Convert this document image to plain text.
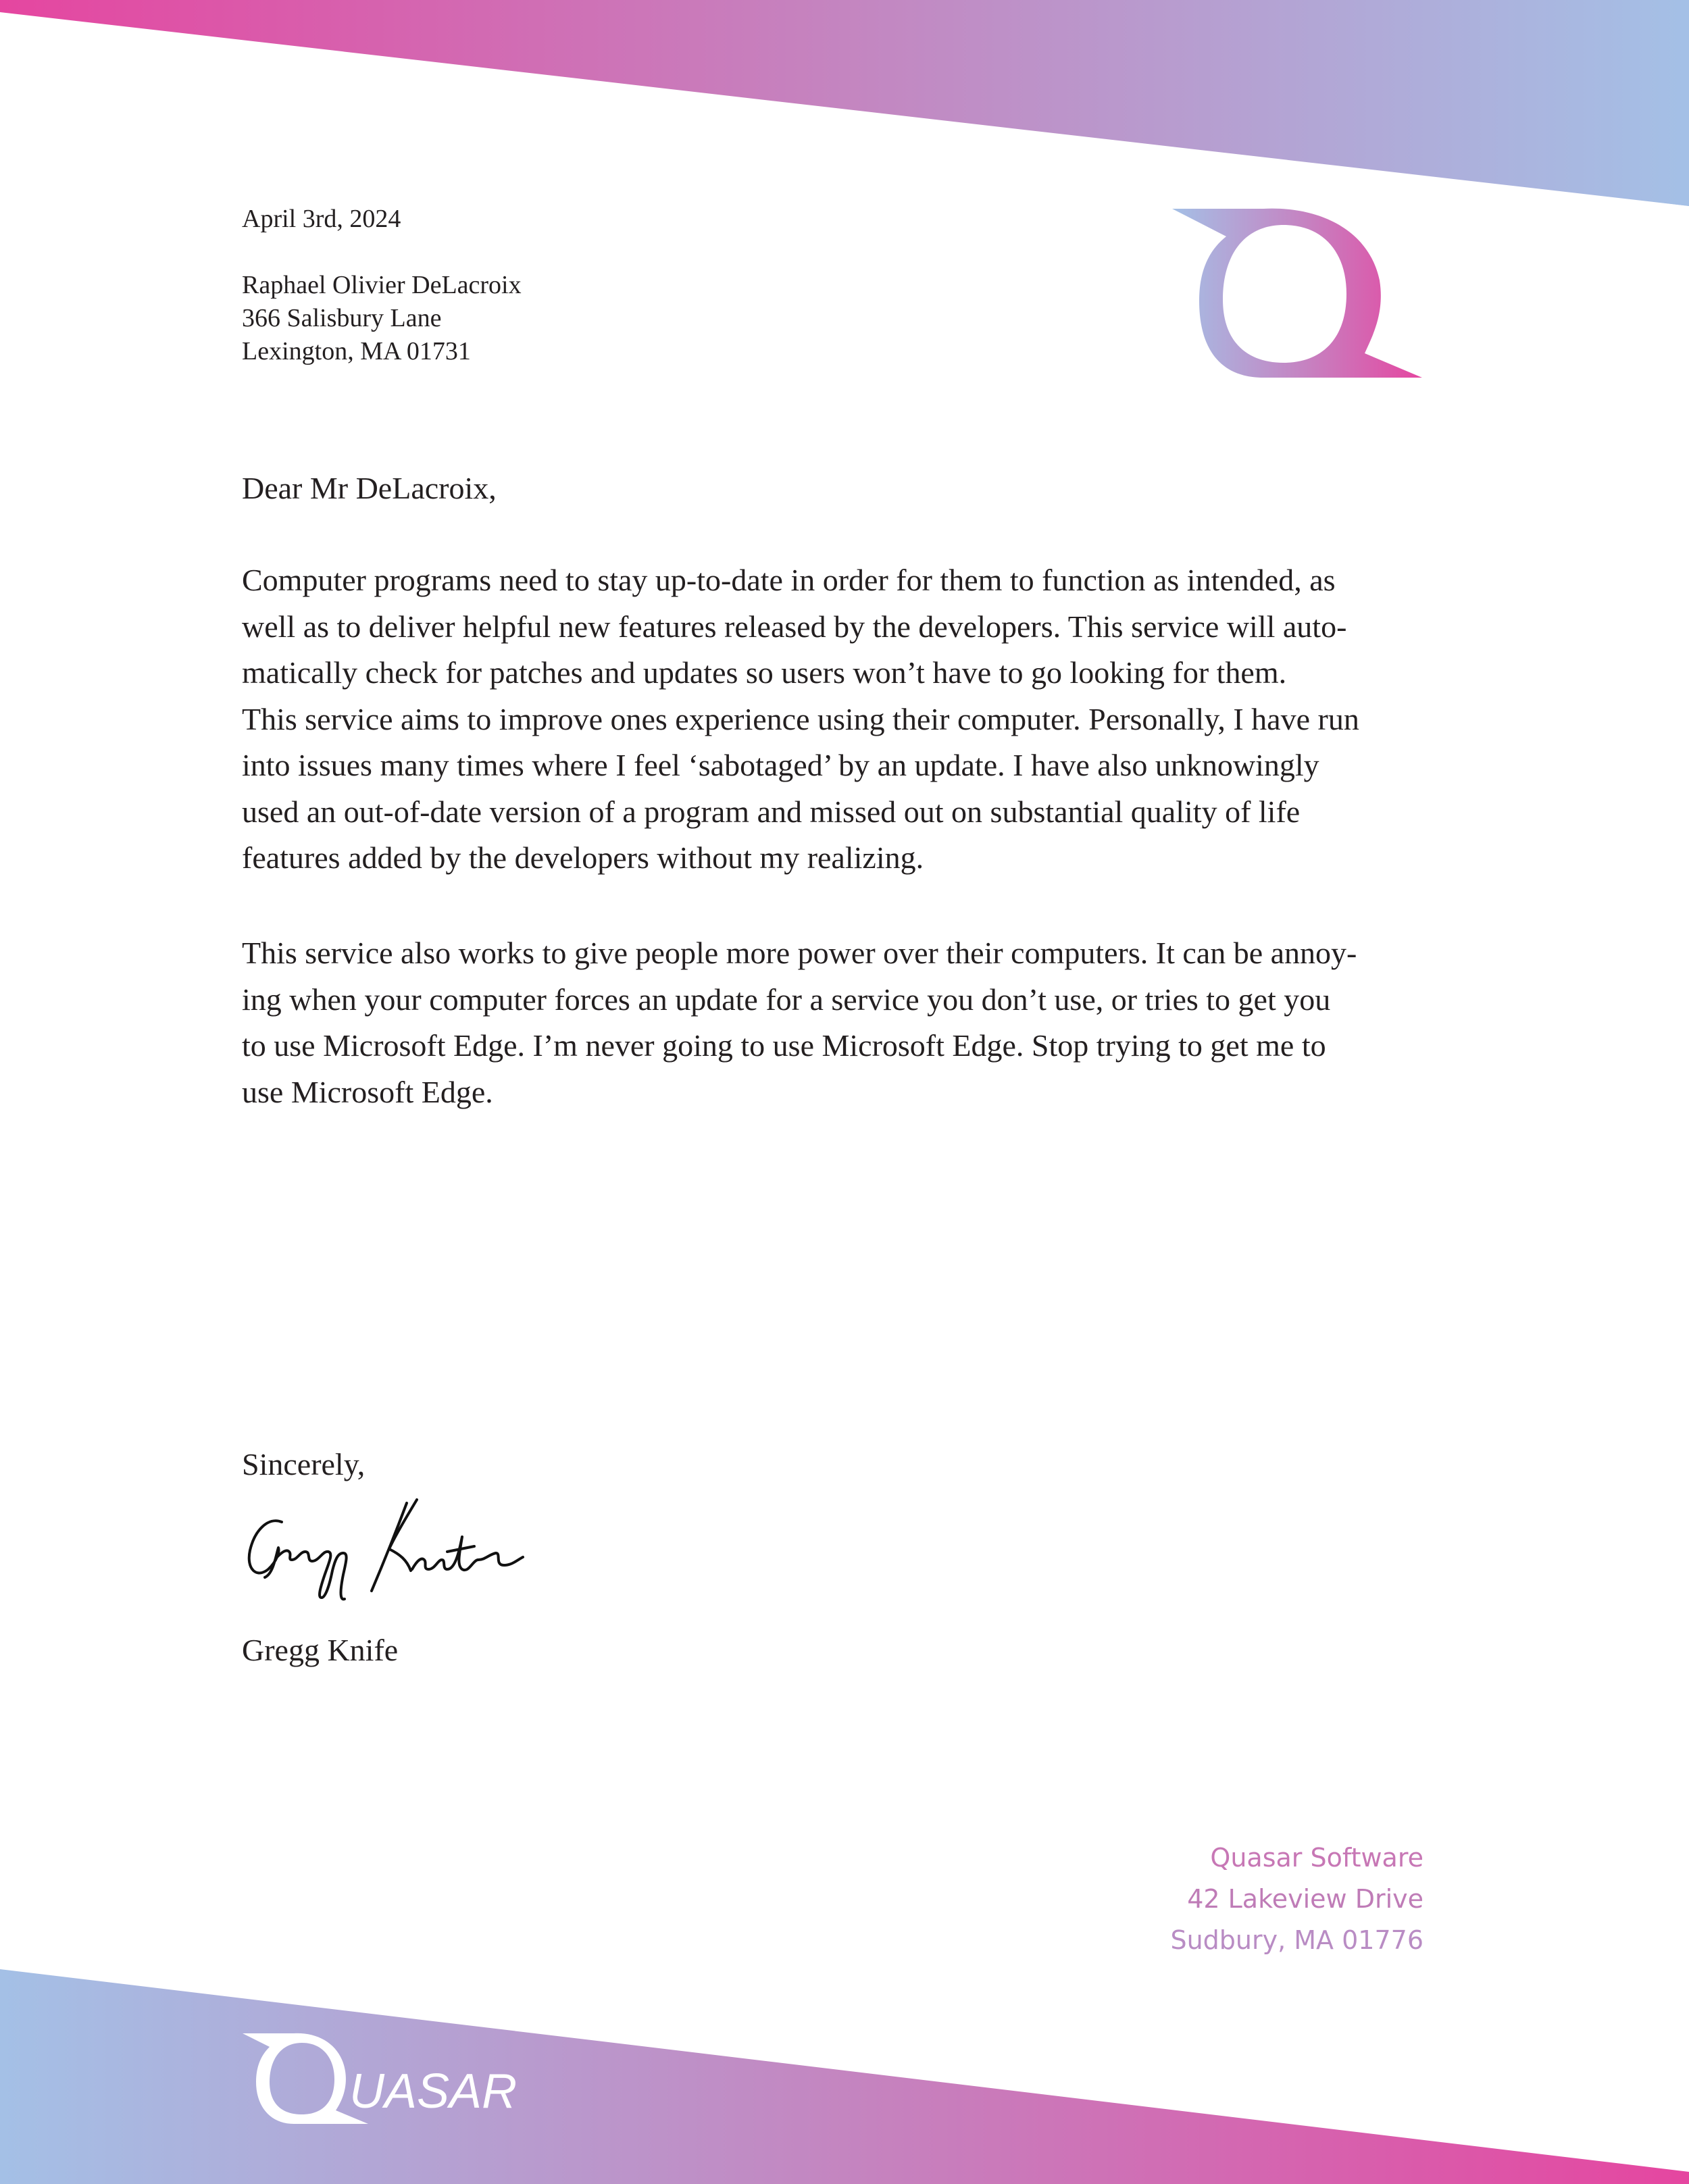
April 3rd, 2024
Raphael Olivier DeLacroix
366 Salisbury Lane
Lexington, MA 01731
Dear Mr DeLacroix,
Computer programs need to stay up-to-date in order for them to function as intended, as
well as to deliver helpful new features released by the developers. This service will auto-
matically check for patches and updates so users won’t have to go looking for them.
This service aims to improve ones experience using their computer. Personally, I have run
into issues many times where I feel ‘sabotaged’ by an update. I have also unknowingly
used an out-of-date version of a program and missed out on substantial quality of life
features added by the developers without my realizing.
This service also works to give people more power over their computers. It can be annoy-
ing when your computer forces an update for a service you don’t use, or tries to get you
to use Microsoft Edge. I’m never going to use Microsoft Edge. Stop trying to get me to
use Microsoft Edge.
Sincerely,
Gregg Knife
Quasar Software
42 Lakeview Drive
Sudbury, MA 01776
UASAR
